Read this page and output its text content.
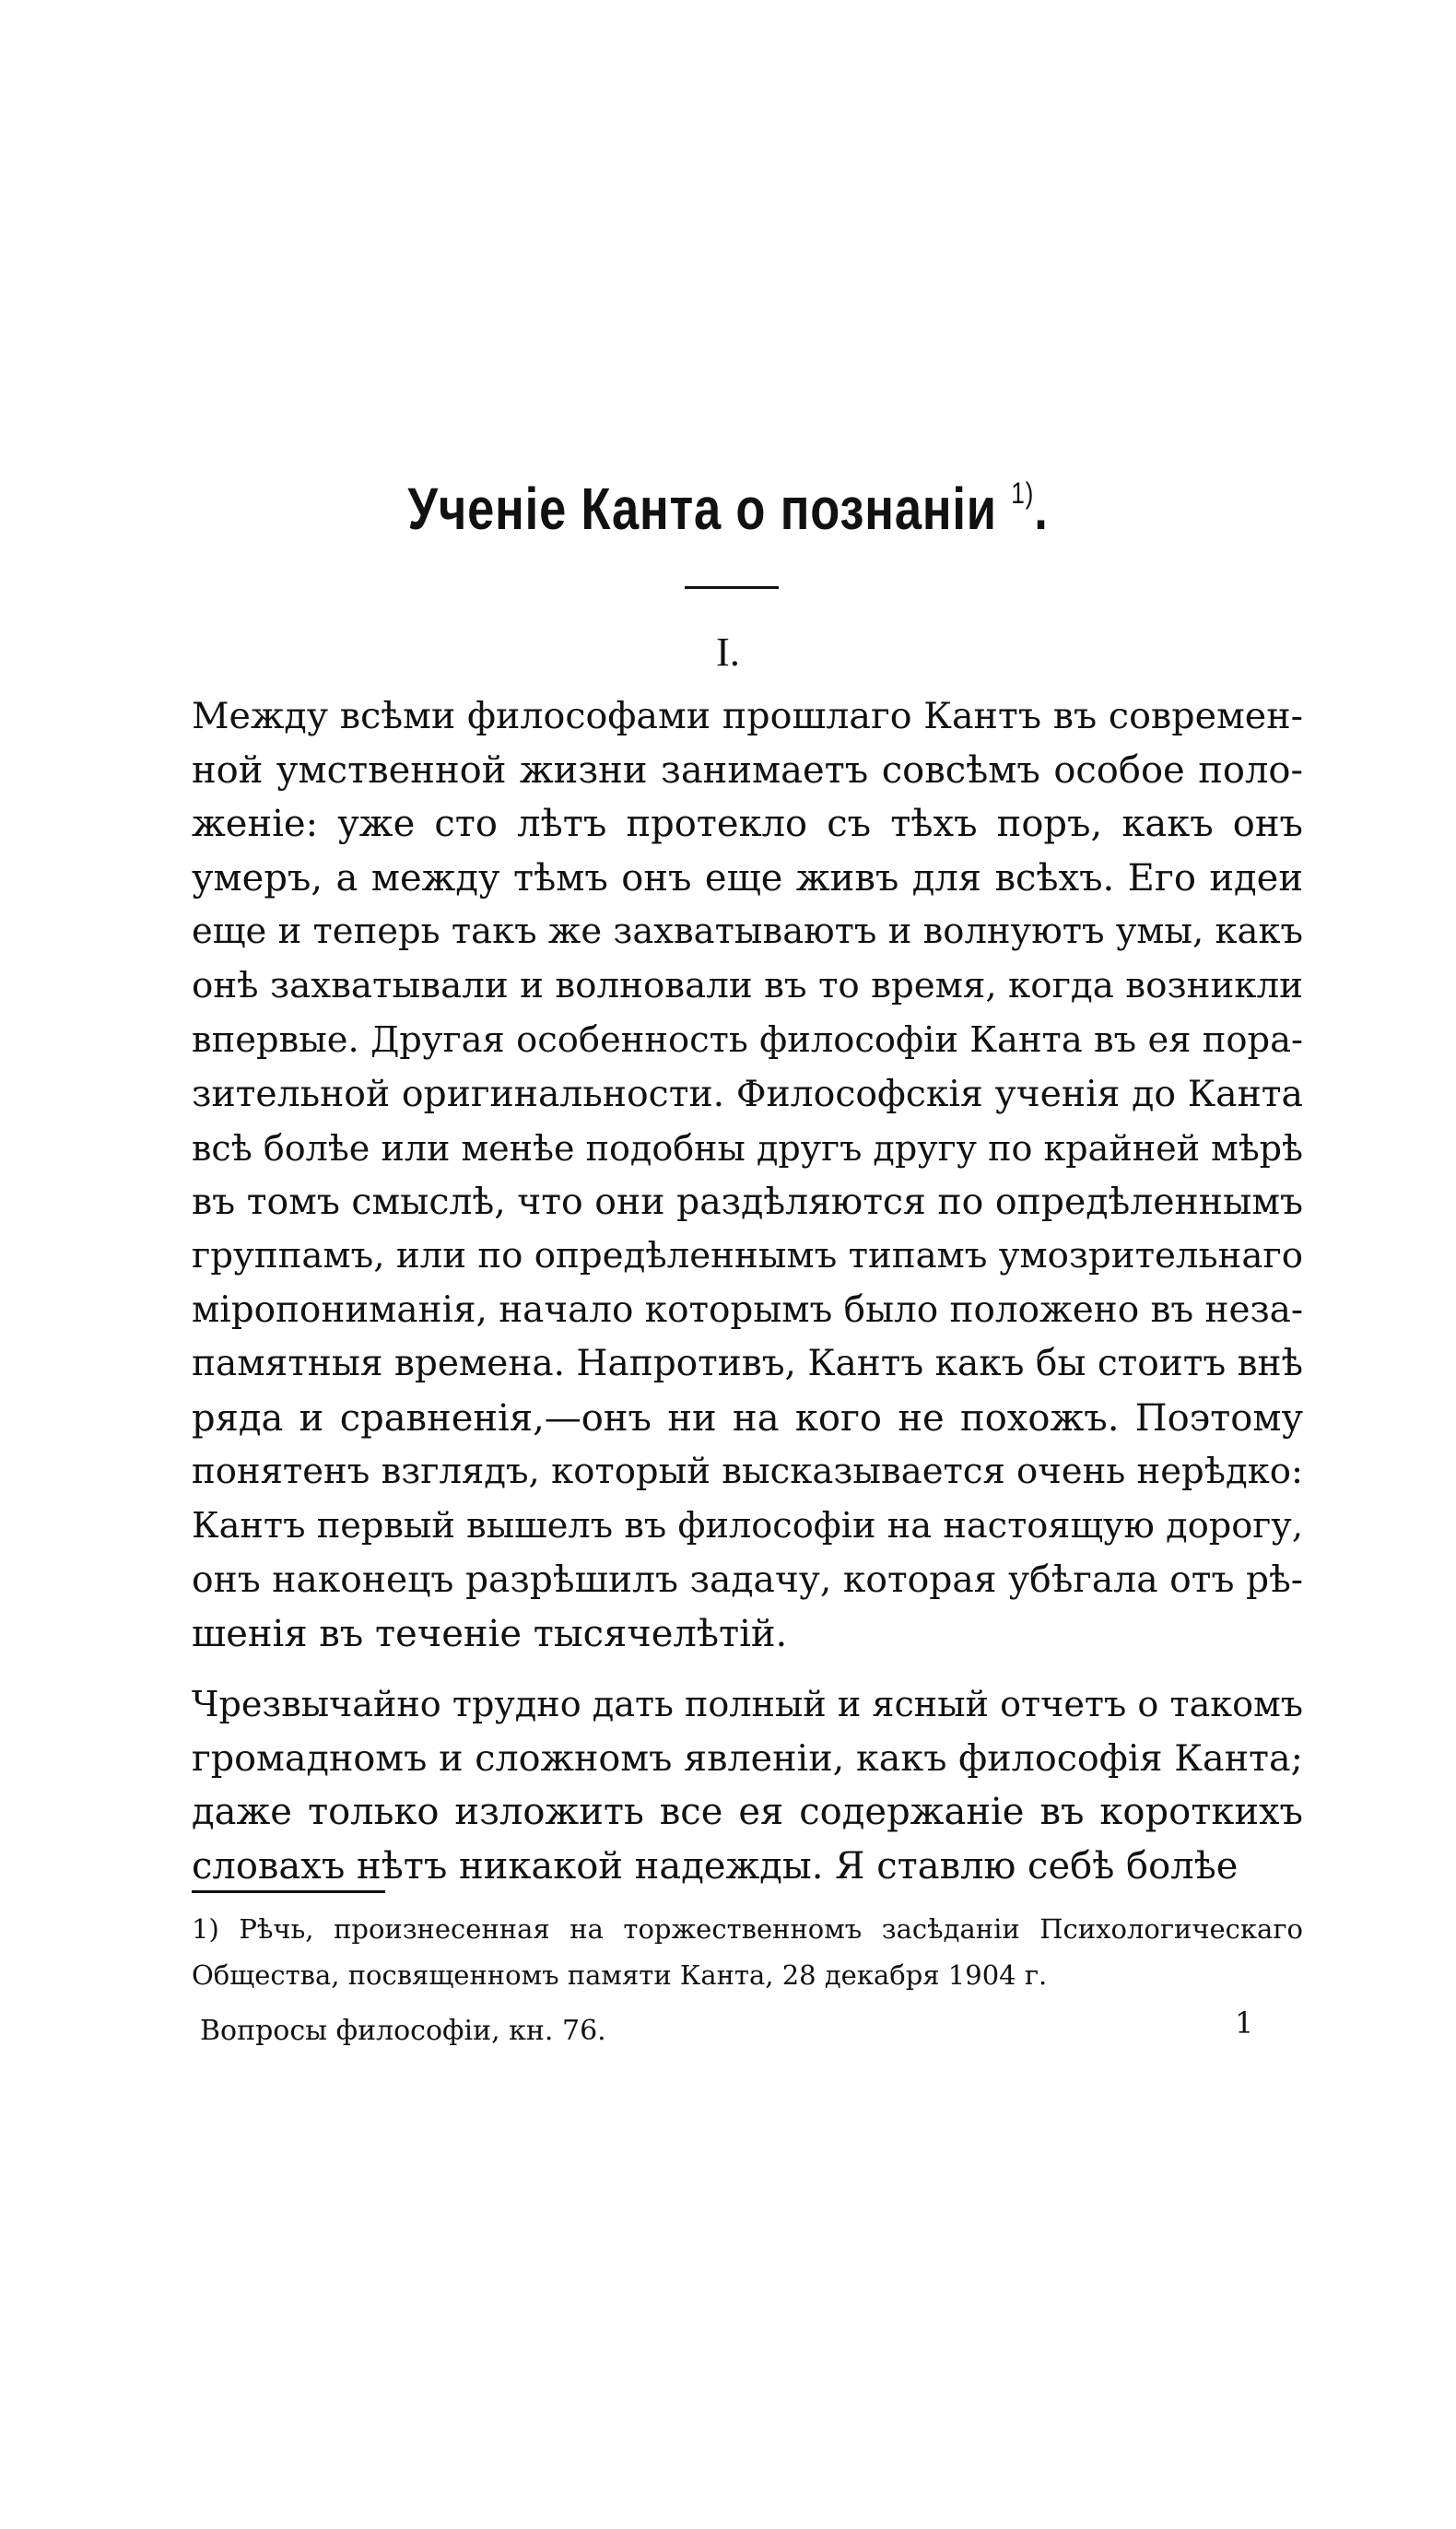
Ученіе Канта о познаніи $^{1)}$.
I.
Между всѣми философами прошлаго Кантъ въ современ-
ной умственной жизни занимаетъ совсѣмъ особое поло-
женіе: уже сто лѣтъ протекло съ тѣхъ поръ, какъ онъ
умеръ, а между тѣмъ онъ еще живъ для всѣхъ. Его идеи
еще и теперь такъ же захватываютъ и волнуютъ умы, какъ
онѣ захватывали и волновали въ то время, когда возникли
впервые. Другая особенность философіи Канта въ ея пора-
зительной оригинальности. Философскія ученія до Канта
всѣ болѣе или менѣе подобны другъ другу по крайней мѣрѣ
въ томъ смыслѣ, что они раздѣляются по опредѣленнымъ
группамъ, или по опредѣленнымъ типамъ умозрительнаго
міропониманія, начало которымъ было положено въ неза-
памятныя времена. Напротивъ, Кантъ какъ бы стоитъ внѣ
ряда и сравненія,—онъ ни на кого не похожъ. Поэтому
понятенъ взглядъ, который высказывается очень нерѣдко:
Кантъ первый вышелъ въ философіи на настоящую дорогу,
онъ наконецъ разрѣшилъ задачу, которая убѣгала отъ рѣ-
шенія въ теченіе тысячелѣтій.
Чрезвычайно трудно дать полный и ясный отчетъ о такомъ
громадномъ и сложномъ явленіи, какъ философія Канта;
даже только изложить все ея содержаніе въ короткихъ
словахъ нѣтъ никакой надежды. Я ставлю себѣ болѣе
1) Рѣчь, произнесенная на торжественномъ засѣданіи Психологическаго
Общества, посвященномъ памяти Канта, 28 декабря 1904 г.
Вопросы философіи, кн. 76.	1
